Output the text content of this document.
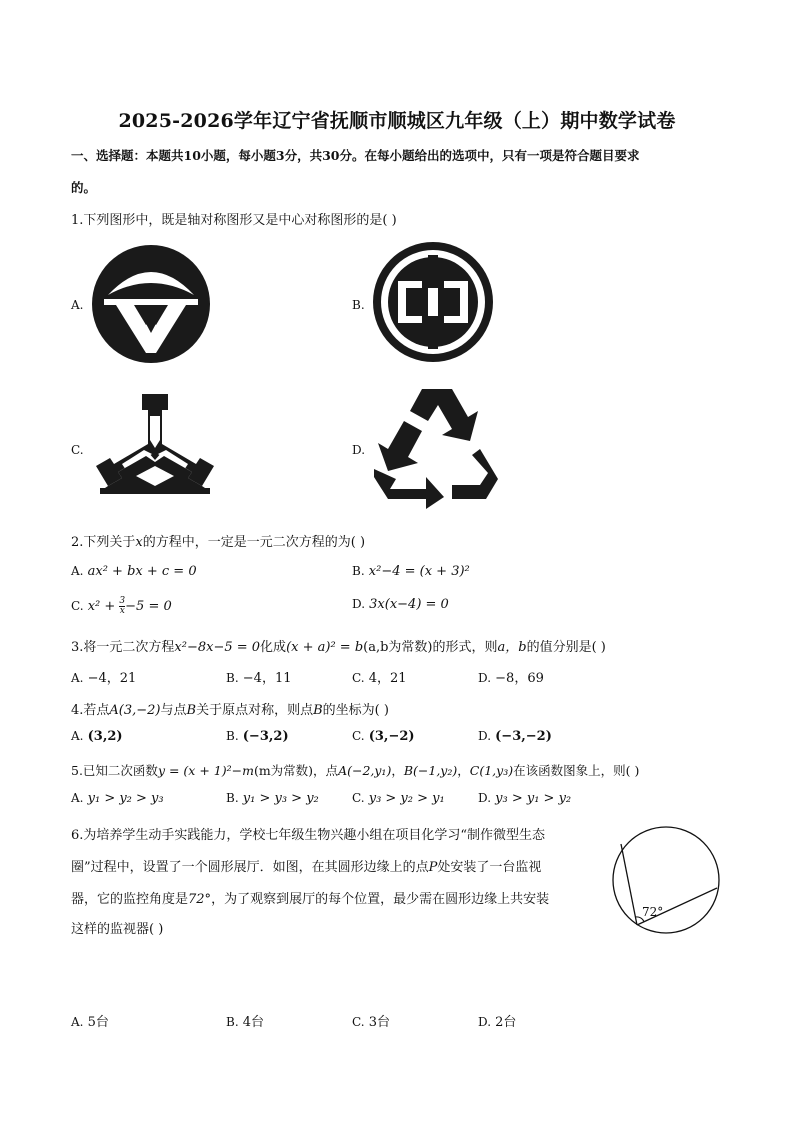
2025-2026学年辽宁省抚顺市顺城区九年级（上）期中数学试卷
一、选择题：本题共10小题，每小题3分，共30分。在每小题给出的选项中，只有一项是符合题目要求
的。
1.下列图形中，既是轴对称图形又是中心对称图形的是( )
A.	B.
C.	D.
2.下列关于x的方程中，一定是一元二次方程的为( )
A. ax² + bx + c = 0	B. x²−4 = (x + 3)²
C. $x^2 + \frac{3}{x} -5 = 0$	D. 3x(x−4) = 0
3.将一元二次方程x²−8x−5 = 0化成(x + a)² = b(a,b为常数)的形式，则a，b的值分别是( )
A. −4，21	B. −4，11	C. 4，21	D. −8，69
4.若点A(3,−2)与点B关于原点对称，则点B的坐标为( )
A. (3,2)	B. (−3,2)	C. (3,−2)	D. (−3,−2)
5.已知二次函数y = (x + 1)²−m(m为常数)，点A(−2,y₁)，B(−1,y₂)，C(1,y₃)在该函数图象上，则( )
A. y₁ > y₂ > y₃	B. y₁ > y₃ > y₂	C. y₃ > y₂ > y₁	D. y₃ > y₁ > y₂
6.为培养学生动手实践能力，学校七年级生物兴趣小组在项目化学习“制作微型生态
圈”过程中，设置了一个圆形展厅．如图，在其圆形边缘上的点P处安装了一台监视
器，它的监控角度是72°，为了观察到展厅的每个位置，最少需在圆形边缘上共安装
这样的监视器( )
72°
A. 5台	B. 4台	C. 3台	D. 2台
